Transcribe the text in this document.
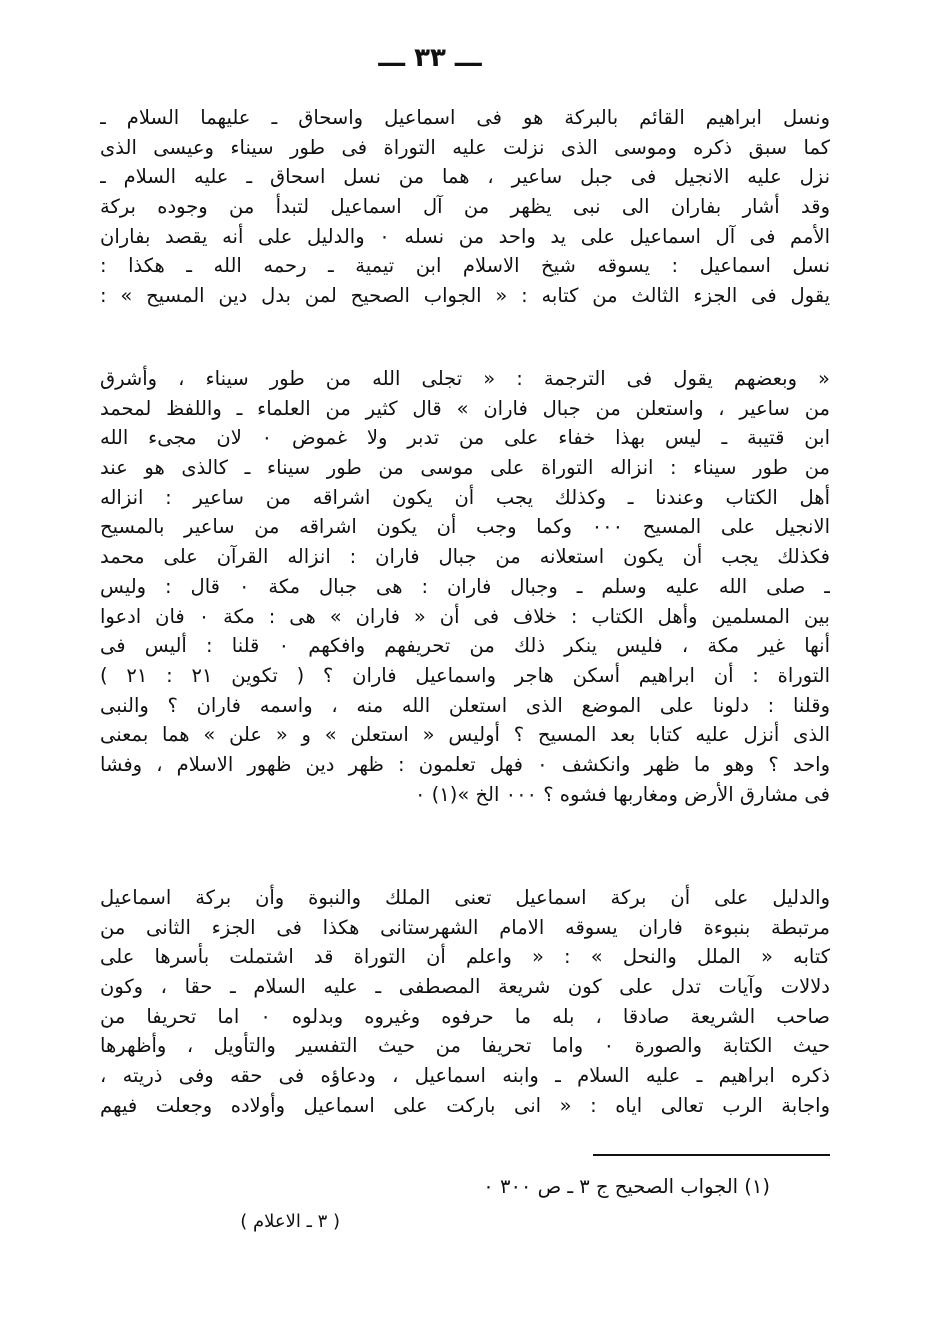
ـــ ٣٣ ـــ
ونسل ابراهيم القائم بالبركة هو فى اسماعيل واسحاق ـ عليهما السلام ـ
كما سبق ذكره وموسى الذى نزلت عليه التوراة فى طور سيناء وعيسى الذى
نزل عليه الانجيل فى جبل ساعير ، هما من نسل اسحاق ـ عليه السلام ـ
وقد أشار بفاران الى نبى يظهر من آل اسماعيل لتبدأ من وجوده بركة
الأمم فى آل اسماعيل على يد واحد من نسله ٠ والدليل على أنه يقصد بفاران
نسل اسماعيل : يسوقه شيخ الاسلام ابن تيمية ـ رحمه الله ـ هكذا :
يقول فى الجزء الثالث من كتابه : « الجواب الصحيح لمن بدل دين المسيح » :
« وبعضهم يقول فى الترجمة : « تجلى الله من طور سيناء ، وأشرق
من ساعير ، واستعلن من جبال فاران » قال كثير من العلماء ـ واللفظ لمحمد
ابن قتيبة ـ ليس بهذا خفاء على من تدبر ولا غموض ٠ لان مجىء الله
من طور سيناء : انزاله التوراة على موسى من طور سيناء ـ كالذى هو عند
أهل الكتاب وعندنا ـ وكذلك يجب أن يكون اشراقه من ساعير : انزاله
الانجيل على المسيح ٠٠٠ وكما وجب أن يكون اشراقه من ساعير بالمسيح
فكذلك يجب أن يكون استعلانه من جبال فاران : انزاله القرآن على محمد
ـ صلى الله عليه وسلم ـ وجبال فاران : هى جبال مكة ٠ قال : وليس
بين المسلمين وأهل الكتاب : خلاف فى أن « فاران » هى : مكة ٠ فان ادعوا
أنها غير مكة ، فليس ينكر ذلك من تحريفهم وافكهم ٠ قلنا : أليس فى
التوراة : أن ابراهيم أسكن هاجر واسماعيل فاران ؟ ( تكوين ٢١ : ٢١ )
وقلنا : دلونا على الموضع الذى استعلن الله منه ، واسمه فاران ؟ والنبى
الذى أنزل عليه كتابا بعد المسيح ؟ أوليس « استعلن » و « علن » هما بمعنى
واحد ؟ وهو ما ظهر وانكشف ٠ فهل تعلمون : ظهر دين ظهور الاسلام ، وفشا
فى مشارق الأرض ومغاربها فشوه ؟ ٠٠٠ الخ »(١) ٠
والدليل على أن بركة اسماعيل تعنى الملك والنبوة وأن بركة اسماعيل
مرتبطة بنبوءة فاران يسوقه الامام الشهرستانى هكذا فى الجزء الثانى من
كتابه « الملل والنحل » : « واعلم أن التوراة قد اشتملت بأسرها على
دلالات وآيات تدل على كون شريعة المصطفى ـ عليه السلام ـ حقا ، وكون
صاحب الشريعة صادقا ، بله ما حرفوه وغيروه وبدلوه ٠ اما تحريفا من
حيث الكتابة والصورة ٠ واما تحريفا من حيث التفسير والتأويل ، وأظهرها
ذكره ابراهيم ـ عليه السلام ـ وابنه اسماعيل ، ودعاؤه فى حقه وفى ذريته ،
واجابة الرب تعالى اياه : « انى باركت على اسماعيل وأولاده وجعلت فيهم
(١) الجواب الصحيح ج ٣ ـ ص ٣٠٠ ٠
( ٣ ـ الاعلام )
